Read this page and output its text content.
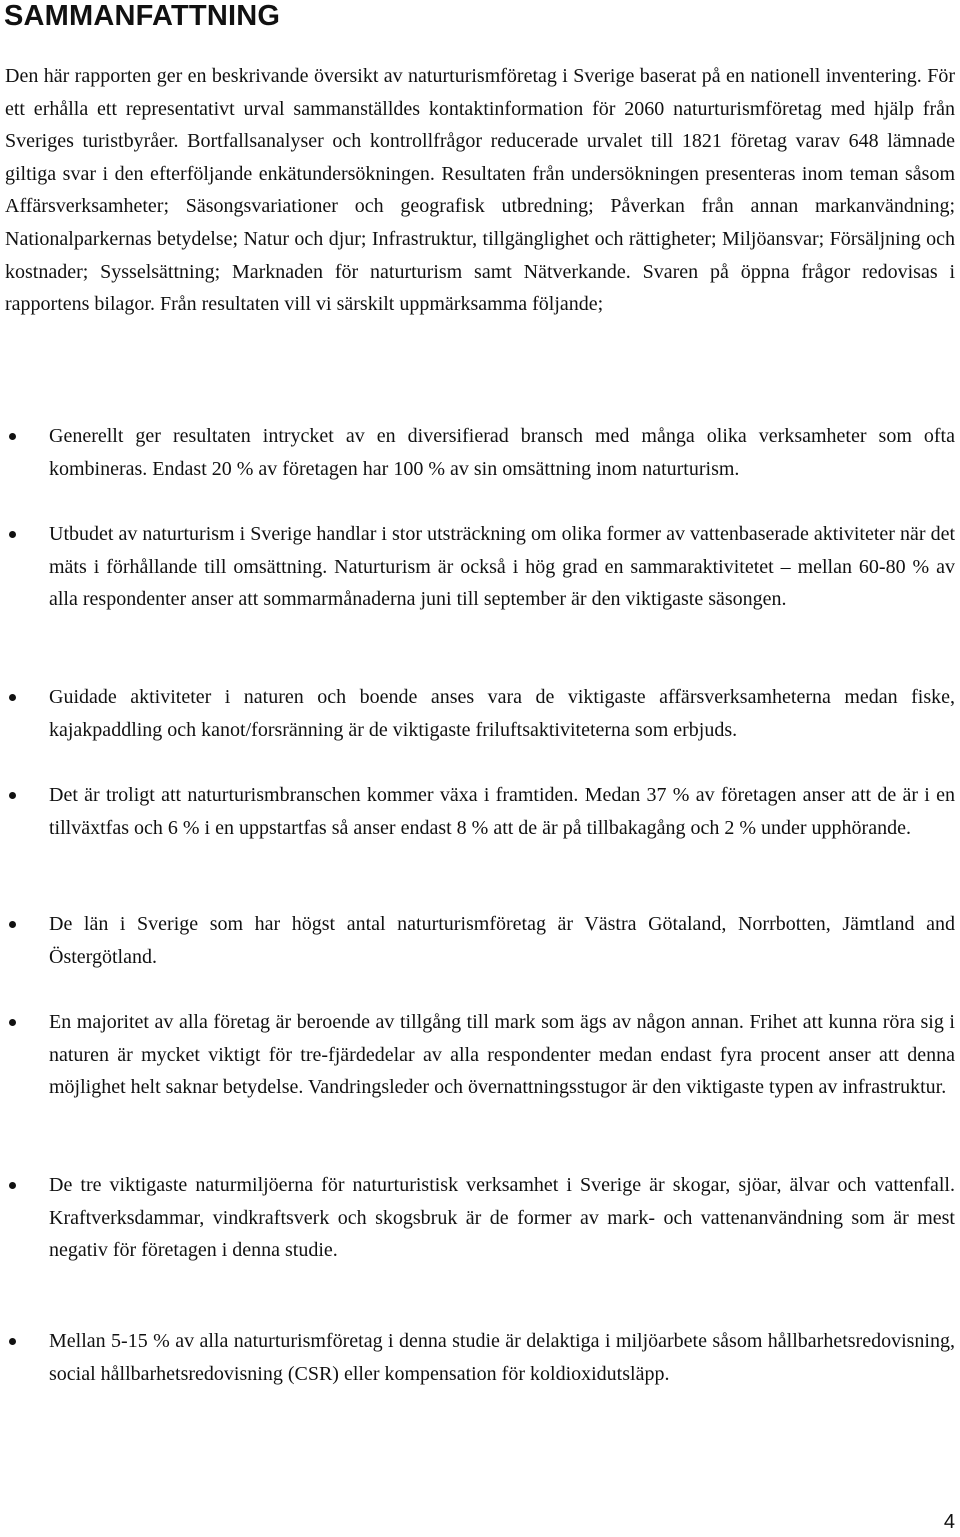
SAMMANFATTNING

Den här rapporten ger en beskrivande översikt av naturturismföretag i Sverige baserat på en nationell inventering. För ett erhålla ett representativt urval sammanställdes kontaktinformation för 2060 naturturismföretag med hjälp från Sveriges turistbyråer. Bortfallsanalyser och kontrollfrågor reducerade urvalet till 1821 företag varav 648 lämnade giltiga svar i den efterföljande enkätundersökningen. Resultaten från undersökningen presenteras inom teman såsom Affärsverksamheter; Säsongsvariationer och geografisk utbredning; Påverkan från annan markanvändning; Nationalparkernas betydelse; Natur och djur; Infrastruktur, tillgänglighet och rättigheter; Miljöansvar; Försäljning och kostnader; Sysselsättning; Marknaden för naturturism samt Nätverkande. Svaren på öppna frågor redovisas i rapportens bilagor. Från resultaten vill vi särskilt uppmärksamma följande;

Generellt ger resultaten intrycket av en diversifierad bransch med många olika verksamheter som ofta kombineras. Endast 20 % av företagen har 100 % av sin omsättning inom naturturism.

Utbudet av naturturism i Sverige handlar i stor utsträckning om olika former av vattenbaserade aktiviteter när det mäts i förhållande till omsättning. Naturturism är också i hög grad en sammaraktivitetet – mellan 60-80 % av alla respondenter anser att sommarmånaderna juni till september är den viktigaste säsongen.

Guidade aktiviteter i naturen och boende anses vara de viktigaste affärsverksamheterna medan fiske, kajakpaddling och kanot/forsränning är de viktigaste friluftsaktiviteterna som erbjuds.

Det är troligt att naturturismbranschen kommer växa i framtiden. Medan 37 % av företagen anser att de är i en tillväxtfas och 6 % i en uppstartfas så anser endast 8 % att de är på tillbakagång och 2 % under upphörande.

De län i Sverige som har högst antal naturturismföretag är Västra Götaland, Norrbotten, Jämtland and Östergötland.

En majoritet av alla företag är beroende av tillgång till mark som ägs av någon annan. Frihet att kunna röra sig i naturen är mycket viktigt för tre-fjärdedelar av alla respondenter medan endast fyra procent anser att denna möjlighet helt saknar betydelse. Vandringsleder och övernattningsstugor är den viktigaste typen av infrastruktur.

De tre viktigaste naturmiljöerna för naturturistisk verksamhet i Sverige är skogar, sjöar, älvar och vattenfall. Kraftverksdammar, vindkraftsverk och skogsbruk är de former av mark- och vattenanvändning som är mest negativ för företagen i denna studie.

Mellan 5-15 % av alla naturturismföretag i denna studie är delaktiga i miljöarbete såsom hållbarhetsredovisning, social hållbarhetsredovisning (CSR) eller kompensation för koldioxidutsläpp.

4
